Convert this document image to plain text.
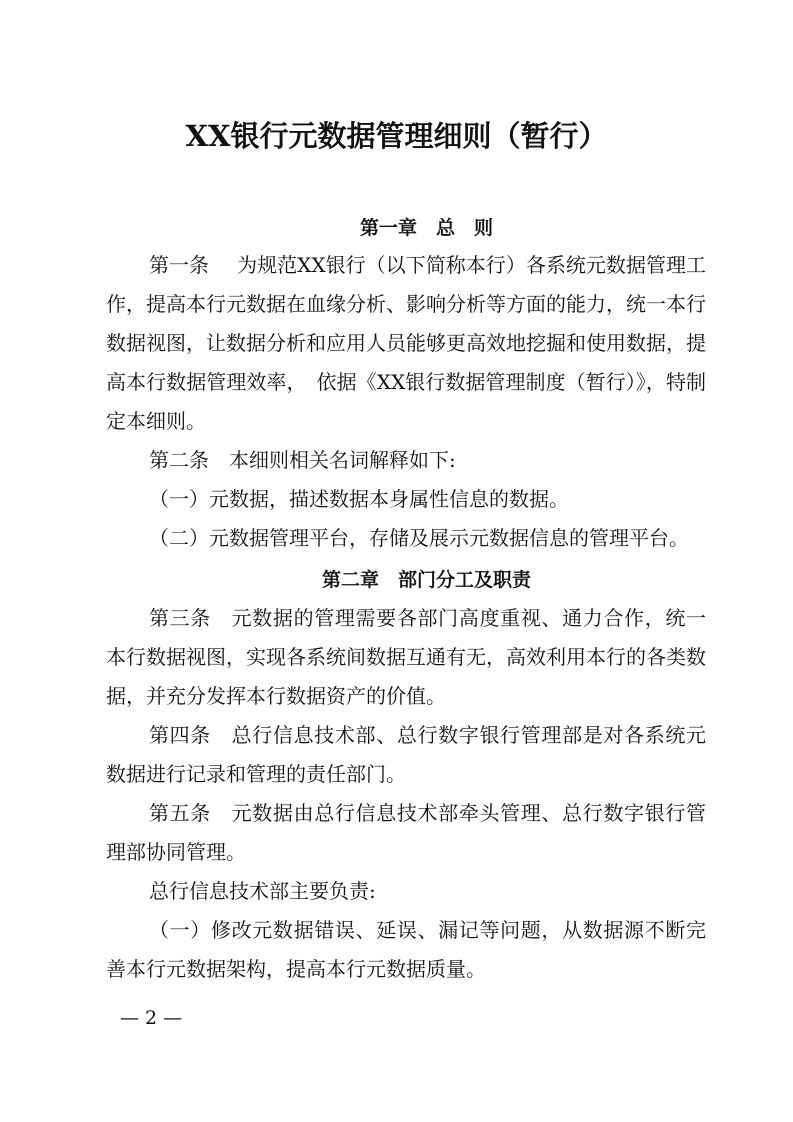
XX银行元数据管理细则（暂行）
第一章　总　则

第一条 为规范XX银行（以下简称本行）各系统元数据管理工作，提高本行元数据在血缘分析、影响分析等方面的能力，统一本行数据视图，让数据分析和应用人员能够更高效地挖掘和使用数据，提高本行数据管理效率，　依据《XX银行数据管理制度（暂行）》，特制定本细则。

第二条　 本细则相关名词解释如下:

（一）元数据，描述数据本身属性信息的数据。

（二）元数据管理平台，存储及展示元数据信息的管理平台。

第二章　部门分工及职责

第三条　 元数据的管理需要各部门高度重视、通力合作，统一本行数据视图，实现各系统间数据互通有无，高效利用本行的各类数据，并充分发挥本行数据资产的价值。

第四条　 总行信息技术部、总行数字银行管理部是对各系统元数据进行记录和管理的责任部门。

第五条　 元数据由总行信息技术部牵头管理、总行数字银行管理部协同管理。

总行信息技术部主要负责:

（一）修改元数据错误、延误、漏记等问题，从数据源不断完善本行元数据架构，提高本行元数据质量。

— 2 —
